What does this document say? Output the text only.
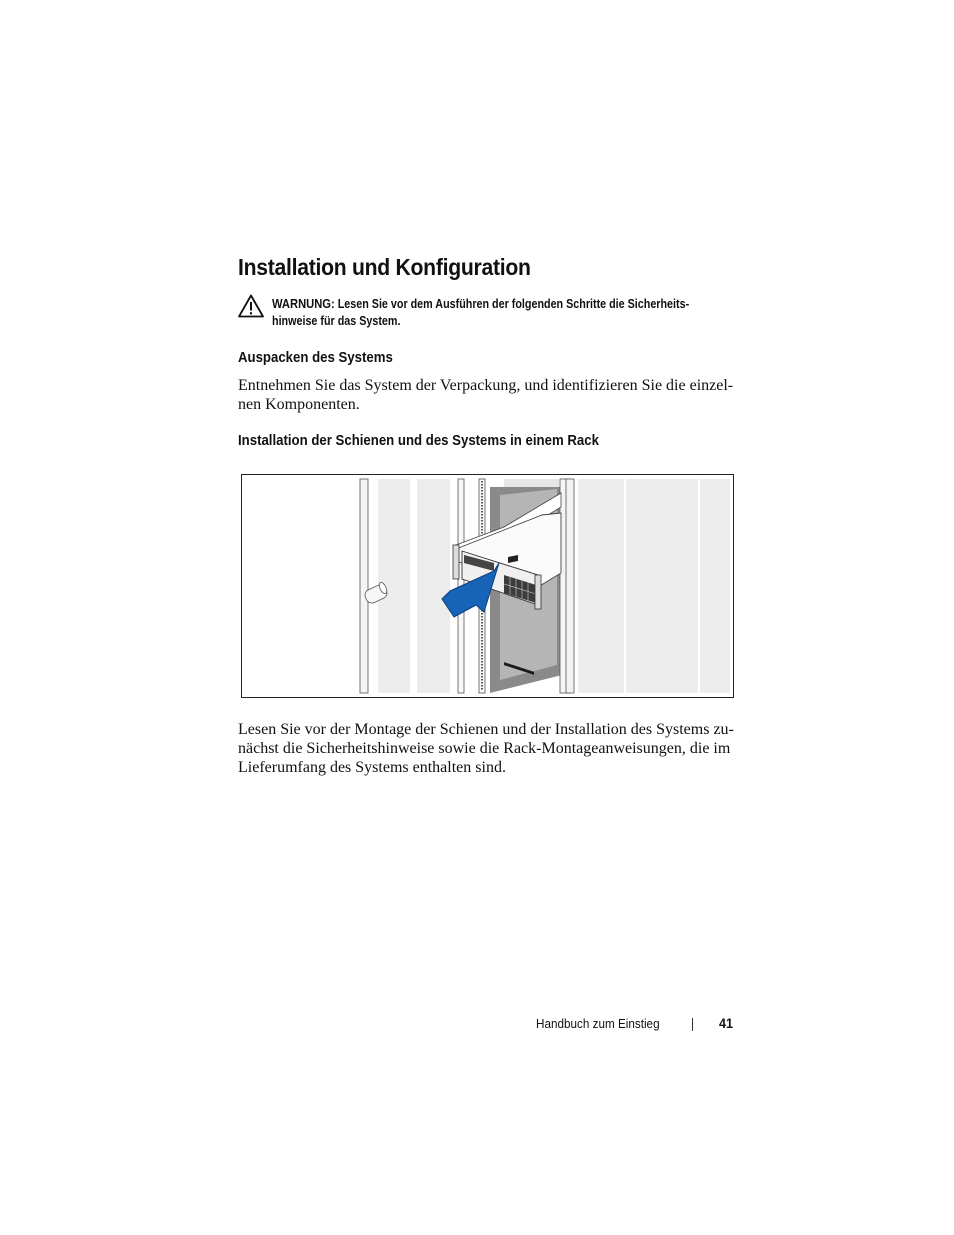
Installation und Konfiguration
WARNUNG: Lesen Sie vor dem Ausführen der folgenden Schritte die Sicherheits-
hinweise für das System.
Auspacken des Systems

Entnehmen Sie das System der Verpackung, und identifizieren Sie die einzel-
nen Komponenten.

Installation der Schienen und des Systems in einem Rack

Lesen Sie vor der Montage der Schienen und der Installation des Systems zu-
nächst die Sicherheitshinweise sowie die Rack-Montageanweisungen, die im
Lieferumfang des Systems enthalten sind.

Handbuch zum Einstieg	41
